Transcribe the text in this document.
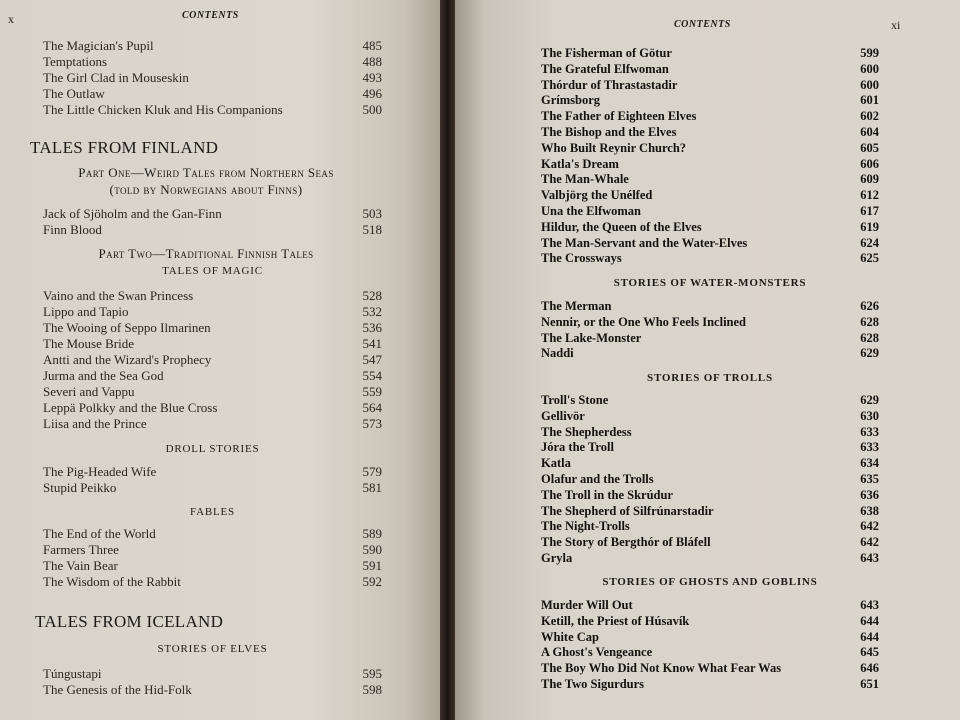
x	CONTENTS
TALES FROM FINLAND
Part One—Weird Tales from Northern Seas
(told by Norwegians about Finns)
Part Two—Traditional Finnish Tales
TALES OF MAGIC
DROLL STORIES
FABLES
TALES FROM ICELAND
STORIES OF ELVES
The Magician's Pupil	485
Temptations	488
The Girl Clad in Mouseskin	493
The Outlaw	496
The Little Chicken Kluk and His Companions	500
Jack of Sjöholm and the Gan-Finn	503
Finn Blood	518
Vaino and the Swan Princess	528
Lippo and Tapio	532
The Wooing of Seppo Ilmarinen	536
The Mouse Bride	541
Antti and the Wizard's Prophecy	547
Jurma and the Sea God	554
Severi and Vappu	559
Leppä Polkky and the Blue Cross	564
Liisa and the Prince	573
The Pig-Headed Wife	579
Stupid Peikko	581
The End of the World	589
Farmers Three	590
The Vain Bear	591
The Wisdom of the Rabbit	592
Túngustapi	595
The Genesis of the Hid-Folk	598
CONTENTS	xi
STORIES OF WATER-MONSTERS
STORIES OF TROLLS
STORIES OF GHOSTS AND GOBLINS
The Fisherman of Götur	599
The Grateful Elfwoman	600
Thórdur of Thrastastadir	600
Grímsborg	601
The Father of Eighteen Elves	602
The Bishop and the Elves	604
Who Built Reynir Church?	605
Katla's Dream	606
The Man-Whale	609
Valbjörg the Unélfed	612
Una the Elfwoman	617
Hildur, the Queen of the Elves	619
The Man-Servant and the Water-Elves	624
The Crossways	625
The Merman	626
Nennir, or the One Who Feels Inclined	628
The Lake-Monster	628
Naddi	629
Troll's Stone	629
Gellivör	630
The Shepherdess	633
Jóra the Troll	633
Katla	634
Olafur and the Trolls	635
The Troll in the Skrúdur	636
The Shepherd of Silfrúnarstadir	638
The Night-Trolls	642
The Story of Bergthór of Bláfell	642
Gryla	643
Murder Will Out	643
Ketill, the Priest of Húsavík	644
White Cap	644
A Ghost's Vengeance	645
The Boy Who Did Not Know What Fear Was	646
The Two Sigurdurs	651
